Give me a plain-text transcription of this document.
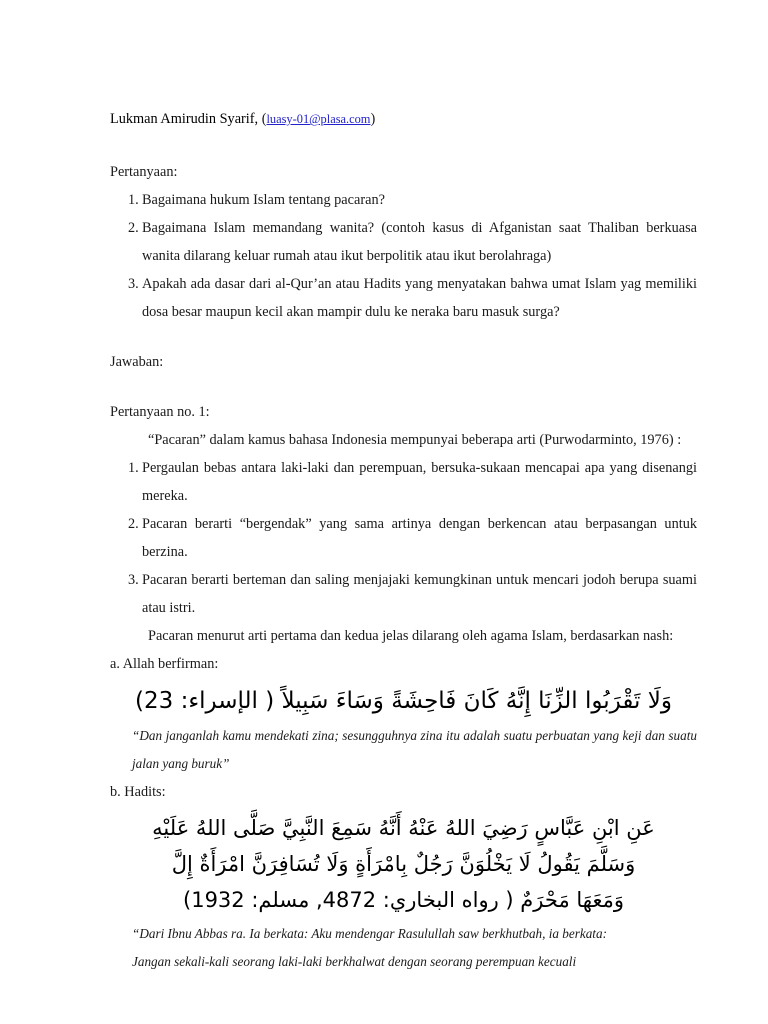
Lukman Amirudin Syarif, (luasy-01@plasa.com)

Pertanyaan:

1. Bagaimana hukum Islam tentang pacaran?
2. Bagaimana Islam memandang wanita? (contoh kasus di Afganistan saat Thaliban berkuasa wanita dilarang keluar rumah atau ikut berpolitik atau ikut berolahraga)
3. Apakah ada dasar dari al-Qur’an atau Hadits yang menyatakan bahwa umat Islam yag memiliki dosa besar maupun kecil akan mampir dulu ke neraka baru masuk surga?

Jawaban:

Pertanyaan no. 1:

“Pacaran” dalam kamus bahasa Indonesia mempunyai beberapa arti (Purwodarminto, 1976) :

1. Pergaulan bebas antara laki-laki dan perempuan, bersuka-sukaan mencapai apa yang disenangi mereka.
2. Pacaran berarti “bergendak” yang sama artinya dengan berkencan atau berpasangan untuk berzina.
3. Pacaran berarti berteman dan saling menjajaki kemungkinan untuk mencari jodoh berupa suami atau istri.

Pacaran menurut arti pertama dan kedua jelas dilarang oleh agama Islam, berdasarkan nash:

a. Allah berfirman:

وَلَا تَقْرَبُوا الزِّنَا إِنَّهُ كَانَ فَاحِشَةً وَسَاءَ سَبِيلاً ( الإسراء: 32)

“Dan janganlah kamu mendekati zina; sesungguhnya zina itu adalah suatu perbuatan yang keji dan suatu jalan yang buruk”

b. Hadits:

عَنِ ابْنِ عَبَّاسٍ رَضِيَ اللهُ عَنْهُ أَنَّهُ سَمِعَ النَّبِيَّ صَلَّى اللهُ عَلَيْهِ

وَسَلَّمَ يَقُولُ لَا يَخْلُوَنَّ رَجُلٌ بِامْرَأَةٍ وَلَا تُسَافِرَنَّ امْرَأَةٌ إِلَّ

وَمَعَهَا مَحْرَمٌ ( رواه البخاري: 2784, مسلم: 2391)

“Dari Ibnu Abbas ra. Ia berkata: Aku mendengar Rasulullah saw berkhutbah, ia berkata:

Jangan sekali-kali seorang laki-laki berkhalwat dengan seorang perempuan kecuali
